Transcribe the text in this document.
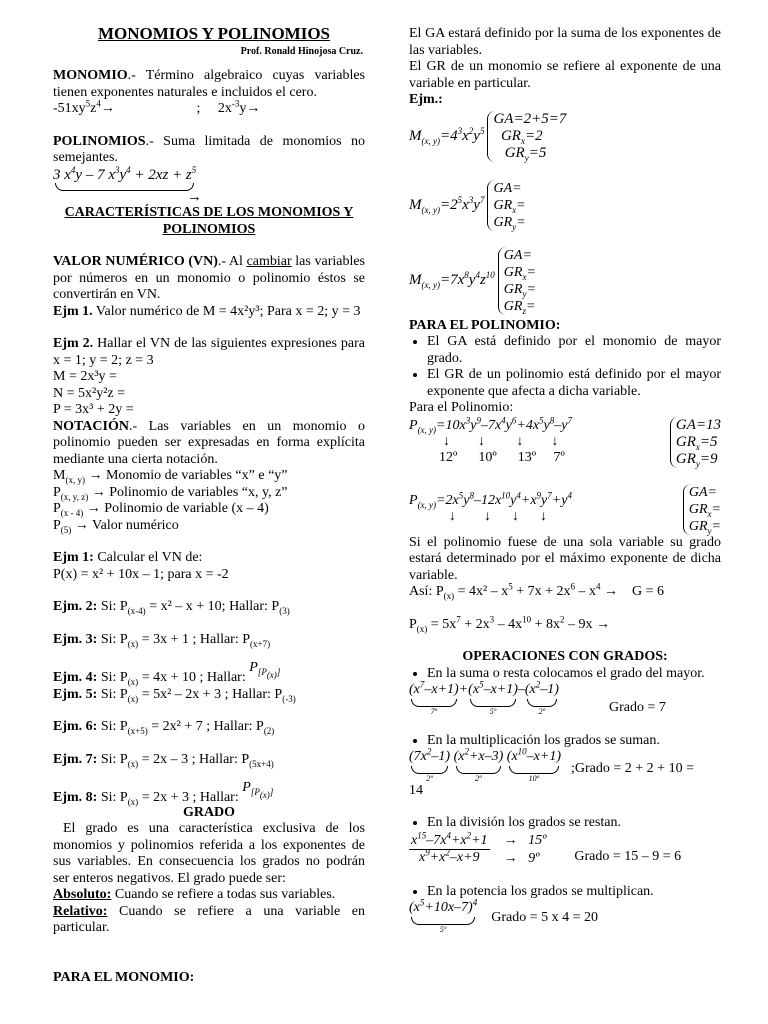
MONOMIOS Y POLINOMIOS
Prof. Ronald Hinojosa Cruz.

MONOMIO.- Término algebraico cuyas variables tienen exponentes naturales e incluidos el cero.

$-51xy^5z^4\to$	; $2x^{-3}y\to$

POLINOMIOS.- Suma limitada de monomios no semejantes.

3 $x^4y - 7$ $x^3y^4 + 2xz + z^5$
→

CARACTERÍSTICAS DE LOS MONOMIOS Y POLINOMIOS

VALOR NUMÉRICO (VN).- Al cambiar las variables por números en un monomio o polinomio éstos se convertirán en VN.

Ejm 1. Valor numérico de M = 4x²y³; Para x = 2; y = 3

Ejm 2. Hallar el VN de las siguientes expresiones para x = 1; y = 2; z = 3

M = 2x³y =

N = 5x²y²z =

P = 3x³ + 2y =

NOTACIÓN.- Las variables en un monomio o polinomio pueden ser expresadas en forma explícita mediante una cierta notación.

$M_{(x, y)}$ → Monomio de variables “x” e “y”

$P_{(x, y, z)}$ → Polinomio de variables “x, y, z”

$P_{(x - 4)}$ → Polinomio de variable (x – 4)

$P_{(5)}$ → Valor numérico

Ejm 1: Calcular el VN de:

P(x) = x² + 10x – 1; para x = -2

Ejm. 2: Si: $P_{(x-4)} = x^2 - x + 10$; Hallar: $P_{(3)}$

Ejm. 3: Si: $P_{(x)} = 3x + 1$ ; Hallar: $P_{(x+7)}$

Ejm. 4: Si: $P_{(x)} = 4x + 10$ ; Hallar: $P_{[P_{(x)}]}$

Ejm. 5: Si: $P_{(x)} = 5x^2 - 2x + 3$ ; Hallar: $P_{(-3)}$

Ejm. 6: Si: $P_{(x+5)} = 2x^2 + 7$ ; Hallar: $P_{(2)}$

Ejm. 7: Si: $P_{(x)} = 2x - 3$ ; Hallar: $P_{(5x+4)}$

Ejm. 8: Si: $P_{(x)} = 2x + 3$ ; Hallar: $P_{[P_{(x)}]}$

GRADO

El grado es una característica exclusiva de los monomios y polinomios referida a los exponentes de sus variables. En consecuencia los grados no podrán ser enteros negativos. El grado puede ser:

Absoluto: Cuando se refiere a todas sus variables.

Relativo: Cuando se refiere a una variable en particular.

PARA EL MONOMIO:

El GA estará definido por la suma de los exponentes de las variables.

El GR de un monomio se refiere al exponente de una variable en particular.

Ejm.:

$M_{(x, y)}=4^3x^2y^5$
GA=2+5=7
$GR_x=2$
$GR_y=5$
$M_{(x, y)}=2^5x^3y^7$
GA=
$GR_x=$
$GR_y=$
$M_{(x, y)}=7x^8y^4z^{10}$
GA=
$GR_x=$
$GR_y=$
$GR_z=$

PARA EL POLINOMIO:

• El GA está definido por el monomio de mayor grado.
• El GR de un polinomio está definido por el mayor exponente que afecta a dicha variable.

Para el Polinomio:

$P_{(x, y)}=10x^3y^9-7x^4y^6+4x^5y^8-y^7$
↓        ↓         ↓        ↓
12º 10º 13º 7º
GA=13
$GR_x=5$
$GR_y=9$
$P_{(x, y)}=2x^5y^8-12x^{10}y^4+x^9y^7+y^4$
↓        ↓      ↓      ↓
GA=
$GR_x=$
$GR_y=$

Si el polinomio fuese de una sola variable su grado estará determinado por el máximo exponente de dicha variable.

Así: $P_{(x)} = 4x^2 - x^5 + 7x + 2x^6 - x^4$ →    G = 6

$P_{(x)} = 5x^7 + 2x^3 - 4x^{10} + 8x^2 - 9x$ →

OPERACIONES CON GRADOS:

• En la suma o resta colocamos el grado del mayor.
$(x^7-x+1)$
7º
+ $(x^5-x+1)$
5º
– $(x^2-1)$
2º	Grado = 7
• En la multiplicación los grados se suman.
$(7x^2-1)$
2º

$(x^2+x-3)$
2º

$(x^{10}-x+1)$
10º
;Grado = 2 + 2 + 10 =

14

• En la división los grados se restan.
$\frac{x^{15}-7x^4+x^2+1}{x^9+x^2-x+9}$ →   15º
→   9º	Grado = 15 – 9 = 6
• En la potencia los grados se multiplican.
$(x^5+10x-7)^4$
5º
Grado = 5 x 4 = 20
